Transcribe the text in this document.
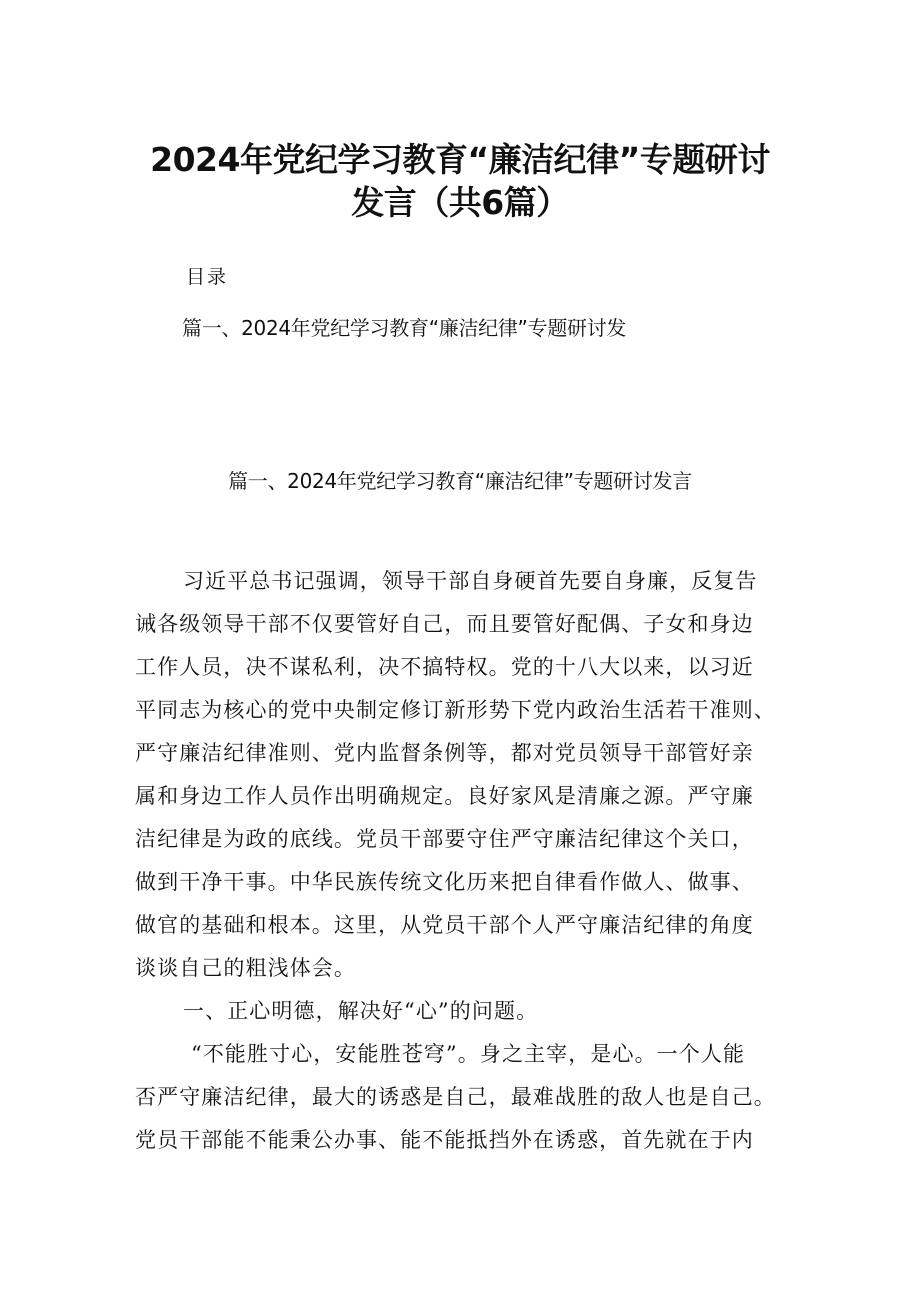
2024年党纪学习教育“廉洁纪律”专题研讨
发言（共6篇）
目录
篇一、2024年党纪学习教育“廉洁纪律”专题研讨发
篇一、2024年党纪学习教育“廉洁纪律”专题研讨发言
习近平总书记强调，领导干部自身硬首先要自身廉，反复告
诫各级领导干部不仅要管好自己，而且要管好配偶、子女和身边
工作人员，决不谋私利，决不搞特权。党的十八大以来，以习近
平同志为核心的党中央制定修订新形势下党内政治生活若干准则、
严守廉洁纪律准则、党内监督条例等，都对党员领导干部管好亲
属和身边工作人员作出明确规定。良好家风是清廉之源。严守廉
洁纪律是为政的底线。党员干部要守住严守廉洁纪律这个关口，
做到干净干事。中华民族传统文化历来把自律看作做人、做事、
做官的基础和根本。这里，从党员干部个人严守廉洁纪律的角度
谈谈自己的粗浅体会。
一、正心明德，解决好“心”的问题。
“不能胜寸心，安能胜苍穹”。身之主宰，是心。一个人能
否严守廉洁纪律，最大的诱惑是自己，最难战胜的敌人也是自己。
党员干部能不能秉公办事、能不能抵挡外在诱惑，首先就在于内
